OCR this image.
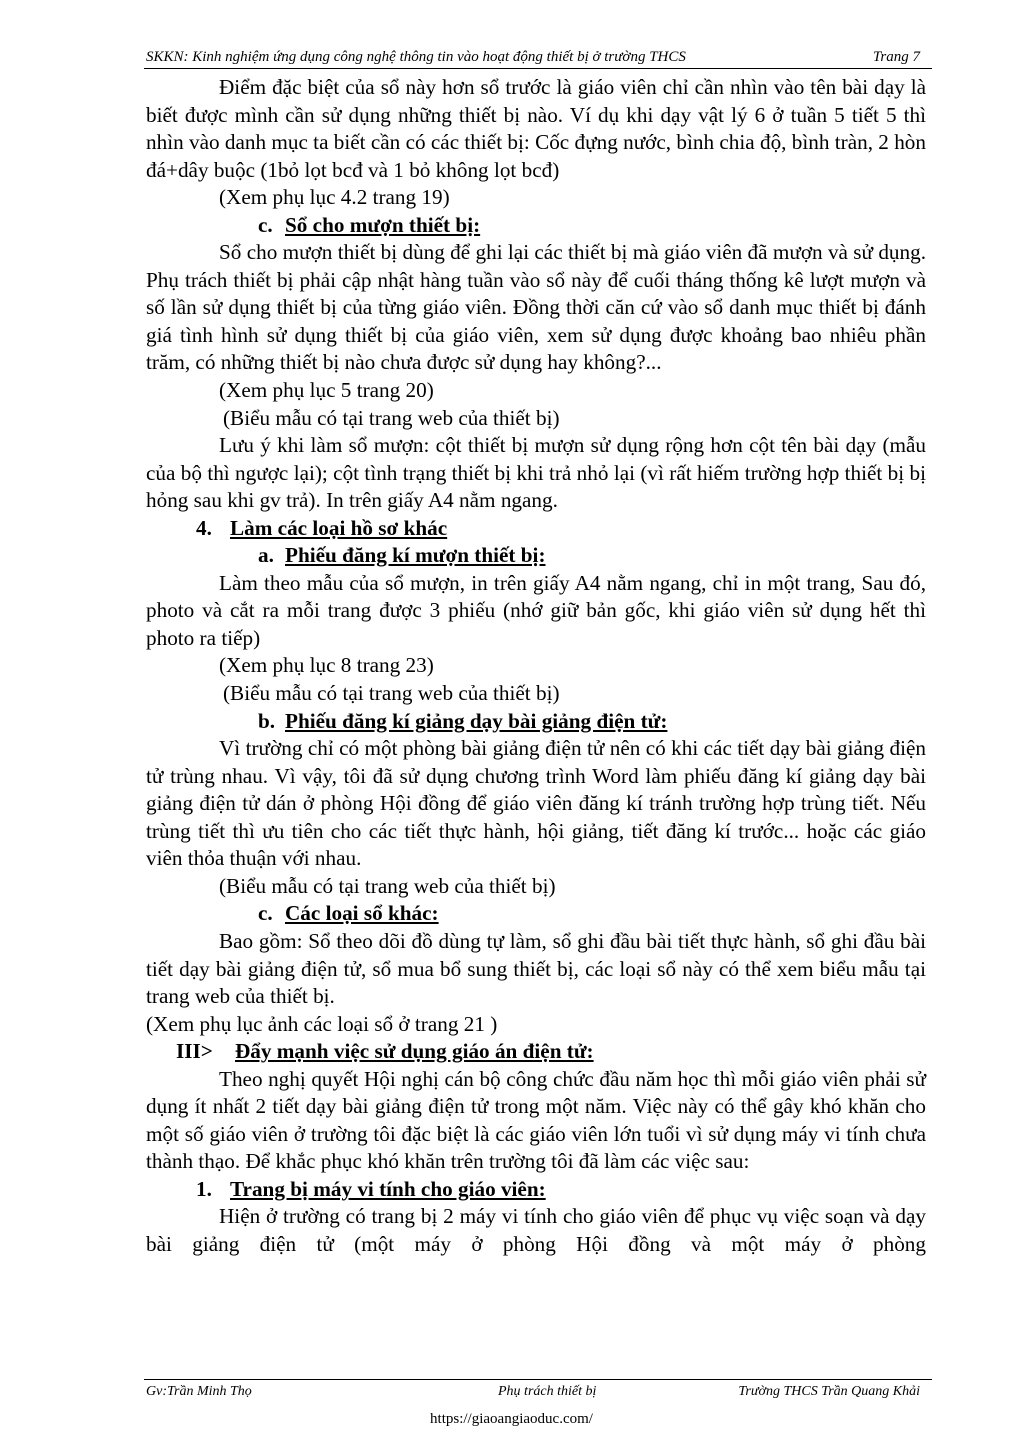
SKKN: Kinh nghiệm ứng dụng công nghệ thông tin vào hoạt động thiết bị ở trường THCS	Trang 7

Điểm đặc biệt của sổ này hơn sổ trước là giáo viên chỉ cần nhìn vào tên bài dạy là biết được mình cần sử dụng những thiết bị nào. Ví dụ khi dạy vật lý 6 ở tuần 5 tiết 5 thì nhìn vào danh mục ta biết cần có các thiết bị: Cốc đựng nước, bình chia độ, bình tràn, 2 hòn đá+dây buộc (1bỏ lọt bcđ và 1 bỏ không lọt bcđ)

(Xem phụ lục 4.2 trang 19)

c. Sổ cho mượn thiết bị:

Sổ cho mượn thiết bị dùng để ghi lại các thiết bị mà giáo viên đã mượn và sử dụng. Phụ trách thiết bị phải cập nhật hàng tuần vào sổ này để cuối tháng thống kê lượt mượn và số lần sử dụng thiết bị của từng giáo viên. Đồng thời căn cứ vào sổ danh mục thiết bị đánh giá tình hình sử dụng thiết bị của giáo viên, xem sử dụng được khoảng bao nhiêu phần trăm, có những thiết bị nào chưa được sử dụng hay không?...

(Xem phụ lục 5 trang 20)

(Biểu mẫu có tại trang web của thiết bị)

Lưu ý khi làm sổ mượn: cột thiết bị mượn sử dụng rộng hơn cột tên bài dạy (mẫu của bộ thì ngược lại); cột tình trạng thiết bị khi trả nhỏ lại (vì rất hiếm trường hợp thiết bị bị hỏng sau khi gv trả). In trên giấy A4 nằm ngang.

4. Làm các loại hồ sơ khác

a. Phiếu đăng kí mượn thiết bị:

Làm theo mẫu của sổ mượn, in trên giấy A4 nằm ngang, chỉ in một trang, Sau đó, photo và cắt ra mỗi trang được 3 phiếu (nhớ giữ bản gốc, khi giáo viên sử dụng hết thì photo ra tiếp)

(Xem phụ lục 8 trang 23)

(Biểu mẫu có tại trang web của thiết bị)

b. Phiếu đăng kí giảng dạy bài giảng điện tử:

Vì trường chỉ có một phòng bài giảng điện tử nên có khi các tiết dạy bài giảng điện tử trùng nhau. Vì vậy, tôi đã sử dụng chương trình Word làm phiếu đăng kí giảng dạy bài giảng điện tử dán ở phòng Hội đồng để giáo viên đăng kí tránh trường hợp trùng tiết. Nếu trùng tiết thì ưu tiên cho các tiết thực hành, hội giảng, tiết đăng kí trước... hoặc các giáo viên thỏa thuận với nhau.

(Biểu mẫu có tại trang web của thiết bị)

c. Các loại sổ khác:

Bao gồm: Sổ theo dõi đồ dùng tự làm, sổ ghi đầu bài tiết thực hành, sổ ghi đầu bài tiết dạy bài giảng điện tử, sổ mua bổ sung thiết bị, các loại sổ này có thể xem biểu mẫu tại trang web của thiết bị.

(Xem phụ lục ảnh các loại sổ ở trang 21 )

III> Đẩy mạnh việc sử dụng giáo án điện tử:

Theo nghị quyết Hội nghị cán bộ công chức đầu năm học thì mỗi giáo viên phải sử dụng ít nhất 2 tiết dạy bài giảng điện tử trong một năm. Việc này có thể gây khó khăn cho một số giáo viên ở trường tôi đặc biệt là các giáo viên lớn tuổi vì sử dụng máy vi tính chưa thành thạo. Để khắc phục khó khăn trên trường tôi đã làm các việc sau:

1. Trang bị máy vi tính cho giáo viên:

Hiện ở trường có trang bị 2 máy vi tính cho giáo viên để phục vụ việc soạn và dạy bài giảng điện tử (một máy ở phòng Hội đồng và một máy ở phòng

Gv:Trần Minh Thọ	Phụ trách thiết bị	Trường THCS Trần Quang Khải
https://giaoangiaoduc.com/
